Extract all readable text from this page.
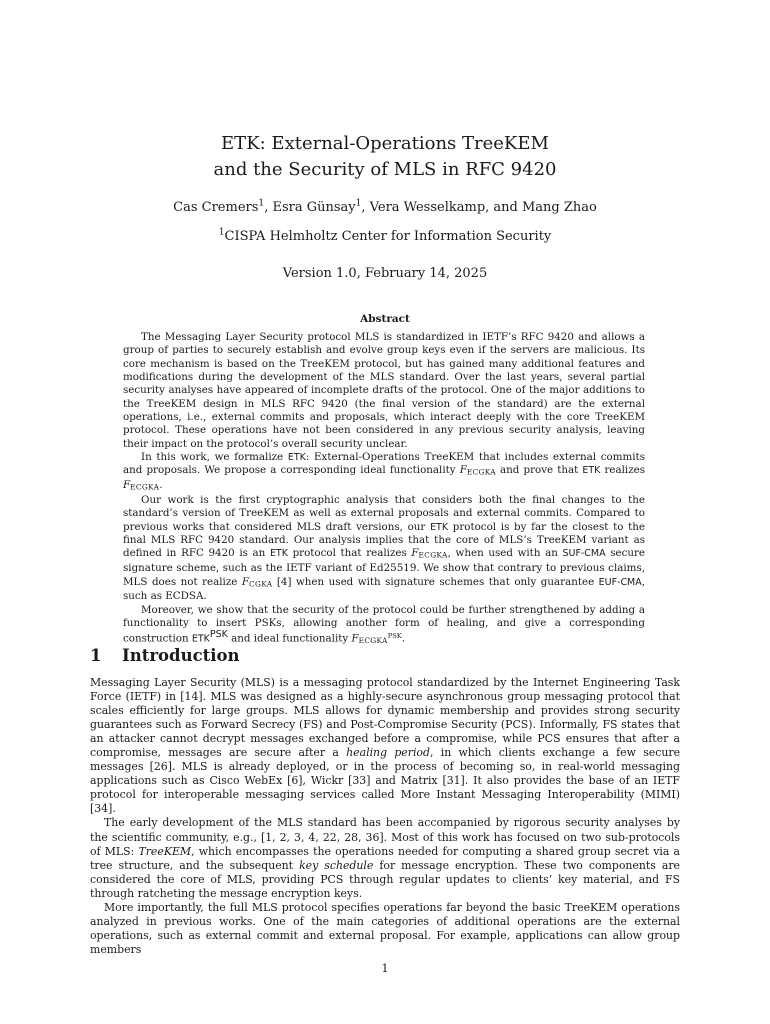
ETK: External-Operations TreeKEM
and the Security of MLS in RFC 9420
Cas Cremers$^1$, Esra Günsay$^1$, Vera Wesselkamp, and Mang Zhao
$^1$CISPA Helmholtz Center for Information Security
Version 1.0, February 14, 2025
Abstract

The Messaging Layer Security protocol MLS is standardized in IETF’s RFC 9420 and allows a group of parties to securely establish and evolve group keys even if the servers are malicious. Its core mechanism is based on the TreeKEM protocol, but has gained many additional features and modifications during the development of the MLS standard. Over the last years, several partial security analyses have appeared of incomplete drafts of the protocol. One of the major additions to the TreeKEM design in MLS RFC 9420 (the final version of the standard) are the external operations, i.e., external commits and proposals, which interact deeply with the core TreeKEM protocol. These operations have not been considered in any previous security analysis, leaving their impact on the protocol’s overall security unclear.

In this work, we formalize ETK: External-Operations TreeKEM that includes external commits and proposals. We propose a corresponding ideal functionality $F_{ECGKA}$ and prove that ETK realizes $F_{ECGKA}$.

Our work is the first cryptographic analysis that considers both the final changes to the standard’s version of TreeKEM as well as external proposals and external commits. Compared to previous works that considered MLS draft versions, our ETK protocol is by far the closest to the final MLS RFC 9420 standard. Our analysis implies that the core of MLS’s TreeKEM variant as defined in RFC 9420 is an ETK protocol that realizes $F_{ECGKA}$, when used with an SUF-CMA secure signature scheme, such as the IETF variant of Ed25519. We show that contrary to previous claims, MLS does not realize $F_{CGKA}$ [4] when used with signature schemes that only guarantee EUF-CMA, such as ECDSA.

Moreover, we show that the security of the protocol could be further strengthened by adding a functionality to insert PSKs, allowing another form of healing, and give a corresponding construction $ETK^{PSK}$ and ideal functionality $F_{ECGKA}^{PSK}$.

1 Introduction

Messaging Layer Security (MLS) is a messaging protocol standardized by the Internet Engineering Task Force (IETF) in [14]. MLS was designed as a highly-secure asynchronous group messaging protocol that scales efficiently for large groups. MLS allows for dynamic membership and provides strong security guarantees such as Forward Secrecy (FS) and Post-Compromise Security (PCS). Informally, FS states that an attacker cannot decrypt messages exchanged before a compromise, while PCS ensures that after a compromise, messages are secure after a healing period, in which clients exchange a few secure messages [26]. MLS is already deployed, or in the process of becoming so, in real-world messaging applications such as Cisco WebEx [6], Wickr [33] and Matrix [31]. It also provides the base of an IETF protocol for interoperable messaging services called More Instant Messaging Interoperability (MIMI) [34].

The early development of the MLS standard has been accompanied by rigorous security analyses by the scientific community, e.g., [1, 2, 3, 4, 22, 28, 36]. Most of this work has focused on two sub-protocols of MLS: TreeKEM, which encompasses the operations needed for computing a shared group secret via a tree structure, and the subsequent key schedule for message encryption. These two components are considered the core of MLS, providing PCS through regular updates to clients’ key material, and FS through ratcheting the message encryption keys.

More importantly, the full MLS protocol specifies operations far beyond the basic TreeKEM operations analyzed in previous works. One of the main categories of additional operations are the external operations, such as external commit and external proposal. For example, applications can allow group members

1
